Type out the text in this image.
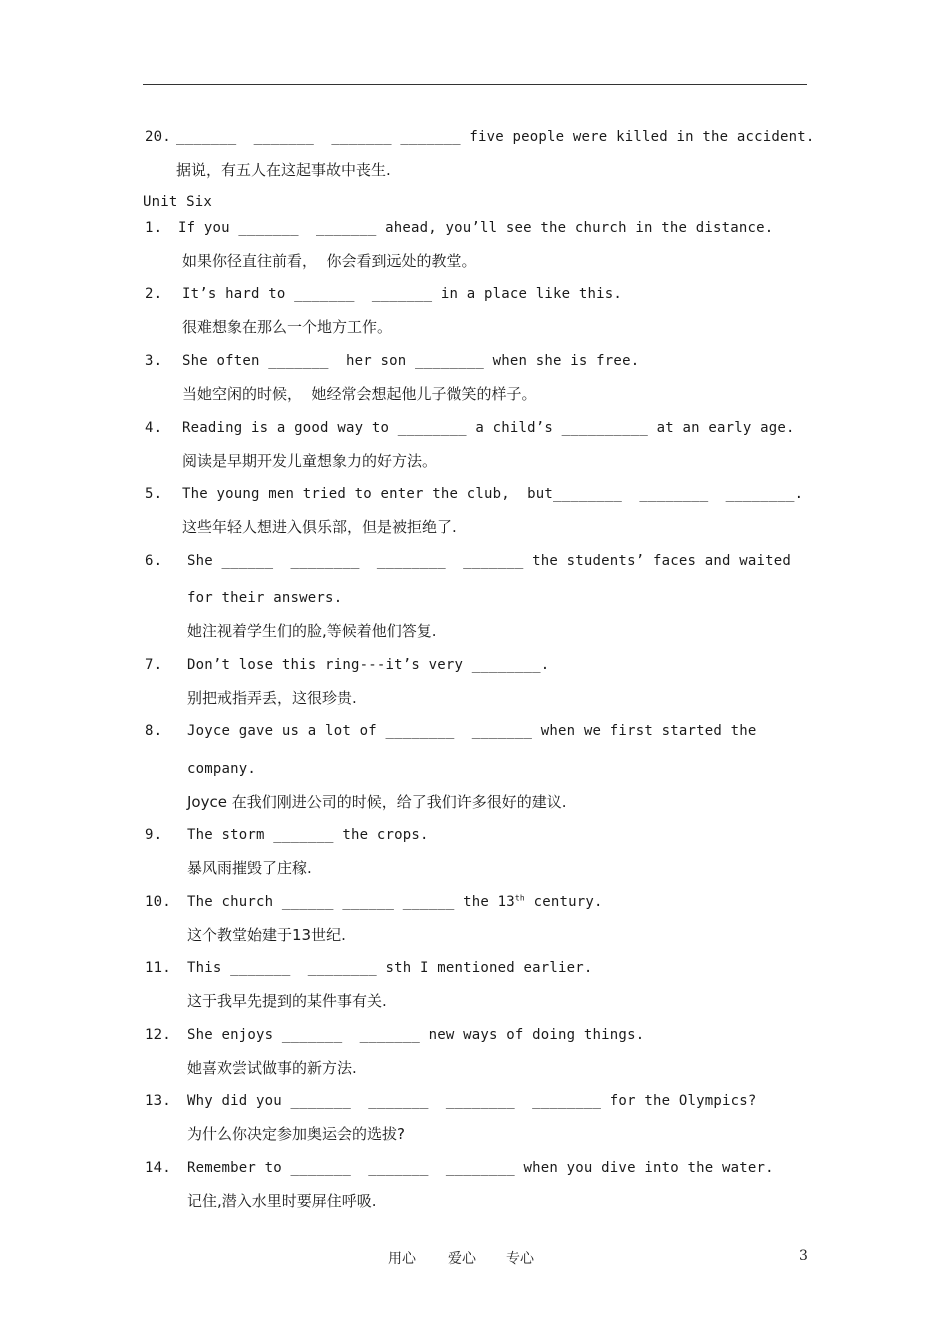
20. _______  _______  _______ _______ five people were killed in the accident.
据说，有五人在这起事故中丧生.
Unit Six
1. If you _______  _______ ahead, you’ll see the church in the distance.
如果你径直往前看，  你会看到远处的教堂。
2. It’s hard to _______  _______ in a place like this.
很难想象在那么一个地方工作。
3. She often _______  her son ________ when she is free.
当她空闲的时候，  她经常会想起他儿子微笑的样子。
4. Reading is a good way to ________ a child’s __________ at an early age.
阅读是早期开发儿童想象力的好方法。
5. The young men tried to enter the club,  but________  ________  ________.
这些年轻人想进入俱乐部，但是被拒绝了.
6. She ______  ________  ________  _______ the students’ faces and waited
for their answers.
她注视着学生们的脸,等候着他们答复.
7. Don’t lose this ring---it’s very ________.
别把戒指弄丢，这很珍贵.
8. Joyce gave us a lot of ________  _______ when we first started the
company.
Joyce 在我们刚进公司的时候，给了我们许多很好的建议.
9. The storm _______ the crops.
暴风雨摧毁了庄稼.
10. The church ______ ______ ______ the 13th century.
这个教堂始建于13世纪.
11. This _______  ________ sth I mentioned earlier.
这于我早先提到的某件事有关.
12. She enjoys _______  _______ new ways of doing things.
她喜欢尝试做事的新方法.
13. Why did you _______  _______  ________  ________ for the Olympics?
为什么你决定参加奥运会的选拔?
14. Remember to _______  _______  ________ when you dive into the water.
记住,潜入水里时要屏住呼吸.
用心 爱心 专心	3
